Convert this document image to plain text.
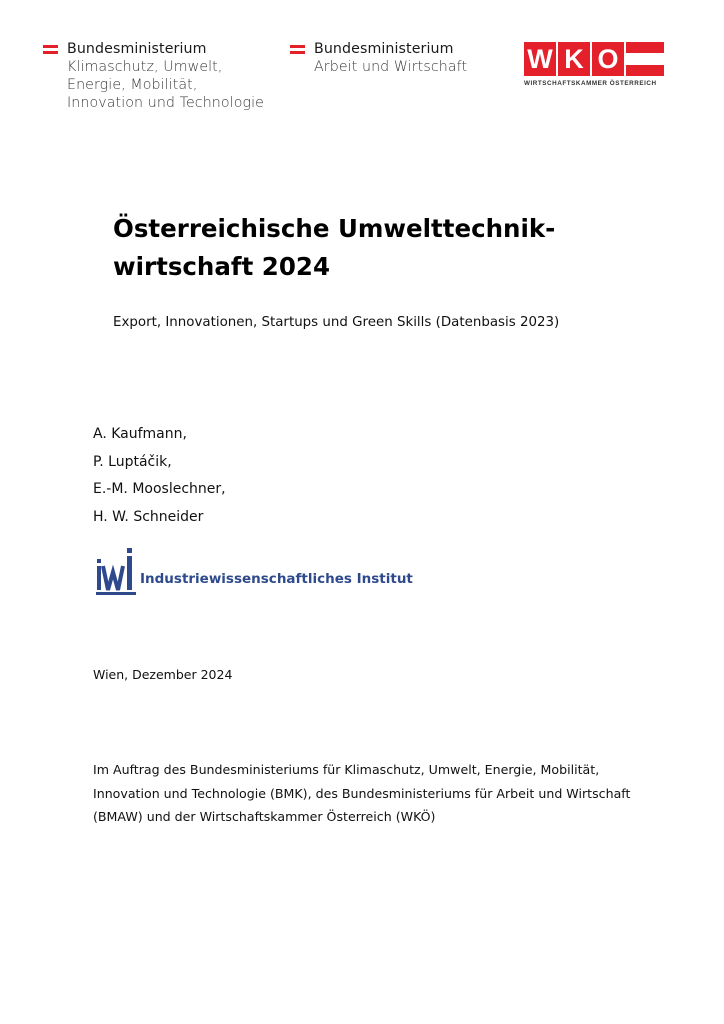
Bundesministerium
Klimaschutz, Umwelt,
Energie, Mobilität,
Innovation und Technologie
Bundesministerium
Arbeit und Wirtschaft	W K O
WIRTSCHAFTSKAMMER ÖSTERREICH
Österreichische Umwelttechnik-
wirtschaft 2024
Export, Innovationen, Startups und Green Skills (Datenbasis 2023)
A. Kaufmann,
P. Luptáčik,
E.-M. Mooslechner,
H. W. Schneider
Industriewissenschaftliches Institut
Wien, Dezember 2024
Im Auftrag des Bundesministeriums für Klimaschutz, Umwelt, Energie, Mobilität,
Innovation und Technologie (BMK), des Bundesministeriums für Arbeit und Wirtschaft
(BMAW) und der Wirtschaftskammer Österreich (WKÖ)
